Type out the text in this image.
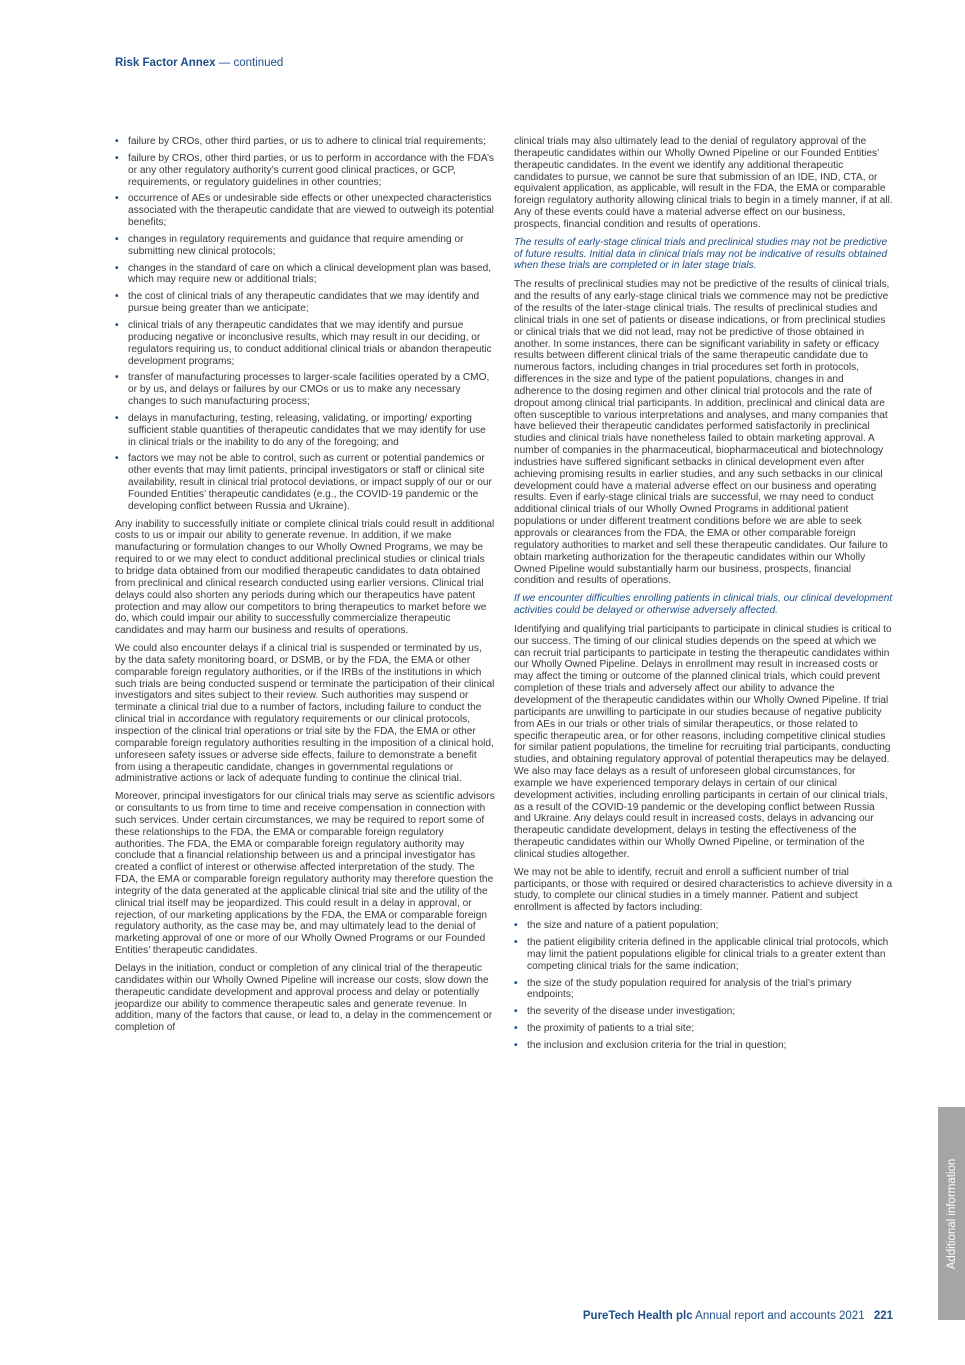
Risk Factor Annex — continued
• failure by CROs, other third parties, or us to adhere to clinical trial requirements;
• failure by CROs, other third parties, or us to perform in accordance with the FDA’s or any other regulatory authority’s current good clinical practices, or GCP, requirements, or regulatory guidelines in other countries;
• occurrence of AEs or undesirable side effects or other unexpected characteristics associated with the therapeutic candidate that are viewed to outweigh its potential benefits;
• changes in regulatory requirements and guidance that require amending or submitting new clinical protocols;
• changes in the standard of care on which a clinical development plan was based, which may require new or additional trials;
• the cost of clinical trials of any therapeutic candidates that we may identify and pursue being greater than we anticipate;
• clinical trials of any therapeutic candidates that we may identify and pursue producing negative or inconclusive results, which may result in our deciding, or regulators requiring us, to conduct additional clinical trials or abandon therapeutic development programs;
• transfer of manufacturing processes to larger-scale facilities operated by a CMO, or by us, and delays or failures by our CMOs or us to make any necessary changes to such manufacturing process;
• delays in manufacturing, testing, releasing, validating, or importing/ exporting sufficient stable quantities of therapeutic candidates that we may identify for use in clinical trials or the inability to do any of the foregoing; and
• factors we may not be able to control, such as current or potential pandemics or other events that may limit patients, principal investigators or staff or clinical site availability, result in clinical trial protocol deviations, or impact supply of our or our Founded Entities’ therapeutic candidates (e.g., the COVID-19 pandemic or the developing conflict between Russia and Ukraine).

Any inability to successfully initiate or complete clinical trials could result in additional costs to us or impair our ability to generate revenue. In addition, if we make manufacturing or formulation changes to our Wholly Owned Programs, we may be required to or we may elect to conduct additional preclinical studies or clinical trials to bridge data obtained from our modified therapeutic candidates to data obtained from preclinical and clinical research conducted using earlier versions. Clinical trial delays could also shorten any periods during which our therapeutics have patent protection and may allow our competitors to bring therapeutics to market before we do, which could impair our ability to successfully commercialize therapeutic candidates and may harm our business and results of operations.

We could also encounter delays if a clinical trial is suspended or terminated by us, by the data safety monitoring board, or DSMB, or by the FDA, the EMA or other comparable foreign regulatory authorities, or if the IRBs of the institutions in which such trials are being conducted suspend or terminate the participation of their clinical investigators and sites subject to their review. Such authorities may suspend or terminate a clinical trial due to a number of factors, including failure to conduct the clinical trial in accordance with regulatory requirements or our clinical protocols, inspection of the clinical trial operations or trial site by the FDA, the EMA or other comparable foreign regulatory authorities resulting in the imposition of a clinical hold, unforeseen safety issues or adverse side effects, failure to demonstrate a benefit from using a therapeutic candidate, changes in governmental regulations or administrative actions or lack of adequate funding to continue the clinical trial.

Moreover, principal investigators for our clinical trials may serve as scientific advisors or consultants to us from time to time and receive compensation in connection with such services. Under certain circumstances, we may be required to report some of these relationships to the FDA, the EMA or comparable foreign regulatory authorities. The FDA, the EMA or comparable foreign regulatory authority may conclude that a financial relationship between us and a principal investigator has created a conflict of interest or otherwise affected interpretation of the study. The FDA, the EMA or comparable foreign regulatory authority may therefore question the integrity of the data generated at the applicable clinical trial site and the utility of the clinical trial itself may be jeopardized. This could result in a delay in approval, or rejection, of our marketing applications by the FDA, the EMA or comparable foreign regulatory authority, as the case may be, and may ultimately lead to the denial of marketing approval of one or more of our Wholly Owned Programs or our Founded Entities’ therapeutic candidates.

Delays in the initiation, conduct or completion of any clinical trial of the therapeutic candidates within our Wholly Owned Pipeline will increase our costs, slow down the therapeutic candidate development and approval process and delay or potentially jeopardize our ability to commence therapeutic sales and generate revenue. In addition, many of the factors that cause, or lead to, a delay in the commencement or completion of

clinical trials may also ultimately lead to the denial of regulatory approval of the therapeutic candidates within our Wholly Owned Pipeline or our Founded Entities’ therapeutic candidates. In the event we identify any additional therapeutic candidates to pursue, we cannot be sure that submission of an IDE, IND, CTA, or equivalent application, as applicable, will result in the FDA, the EMA or comparable foreign regulatory authority allowing clinical trials to begin in a timely manner, if at all. Any of these events could have a material adverse effect on our business, prospects, financial condition and results of operations.

The results of early-stage clinical trials and preclinical studies may not be predictive of future results. Initial data in clinical trials may not be indicative of results obtained when these trials are completed or in later stage trials.

The results of preclinical studies may not be predictive of the results of clinical trials, and the results of any early-stage clinical trials we commence may not be predictive of the results of the later-stage clinical trials. The results of preclinical studies and clinical trials in one set of patients or disease indications, or from preclinical studies or clinical trials that we did not lead, may not be predictive of those obtained in another. In some instances, there can be significant variability in safety or efficacy results between different clinical trials of the same therapeutic candidate due to numerous factors, including changes in trial procedures set forth in protocols, differences in the size and type of the patient populations, changes in and adherence to the dosing regimen and other clinical trial protocols and the rate of dropout among clinical trial participants. In addition, preclinical and clinical data are often susceptible to various interpretations and analyses, and many companies that have believed their therapeutic candidates performed satisfactorily in preclinical studies and clinical trials have nonetheless failed to obtain marketing approval. A number of companies in the pharmaceutical, biopharmaceutical and biotechnology industries have suffered significant setbacks in clinical development even after achieving promising results in earlier studies, and any such setbacks in our clinical development could have a material adverse effect on our business and operating results. Even if early-stage clinical trials are successful, we may need to conduct additional clinical trials of our Wholly Owned Programs in additional patient populations or under different treatment conditions before we are able to seek approvals or clearances from the FDA, the EMA or other comparable foreign regulatory authorities to market and sell these therapeutic candidates. Our failure to obtain marketing authorization for the therapeutic candidates within our Wholly Owned Pipeline would substantially harm our business, prospects, financial condition and results of operations.

If we encounter difficulties enrolling patients in clinical trials, our clinical development activities could be delayed or otherwise adversely affected.

Identifying and qualifying trial participants to participate in clinical studies is critical to our success. The timing of our clinical studies depends on the speed at which we can recruit trial participants to participate in testing the therapeutic candidates within our Wholly Owned Pipeline. Delays in enrollment may result in increased costs or may affect the timing or outcome of the planned clinical trials, which could prevent completion of these trials and adversely affect our ability to advance the development of the therapeutic candidates within our Wholly Owned Pipeline. If trial participants are unwilling to participate in our studies because of negative publicity from AEs in our trials or other trials of similar therapeutics, or those related to specific therapeutic area, or for other reasons, including competitive clinical studies for similar patient populations, the timeline for recruiting trial participants, conducting studies, and obtaining regulatory approval of potential therapeutics may be delayed. We also may face delays as a result of unforeseen global circumstances, for example we have experienced temporary delays in certain of our clinical development activities, including enrolling participants in certain of our clinical trials, as a result of the COVID-19 pandemic or the developing conflict between Russia and Ukraine. Any delays could result in increased costs, delays in advancing our therapeutic candidate development, delays in testing the effectiveness of the therapeutic candidates within our Wholly Owned Pipeline, or termination of the clinical studies altogether.

We may not be able to identify, recruit and enroll a sufficient number of trial participants, or those with required or desired characteristics to achieve diversity in a study, to complete our clinical studies in a timely manner. Patient and subject enrollment is affected by factors including:

• the size and nature of a patient population;
• the patient eligibility criteria defined in the applicable clinical trial protocols, which may limit the patient populations eligible for clinical trials to a greater extent than competing clinical trials for the same indication;
• the size of the study population required for analysis of the trial’s primary endpoints;
• the severity of the disease under investigation;
• the proximity of patients to a trial site;
• the inclusion and exclusion criteria for the trial in question;
Additional information
PureTech Health plc Annual report and accounts 2021 221
